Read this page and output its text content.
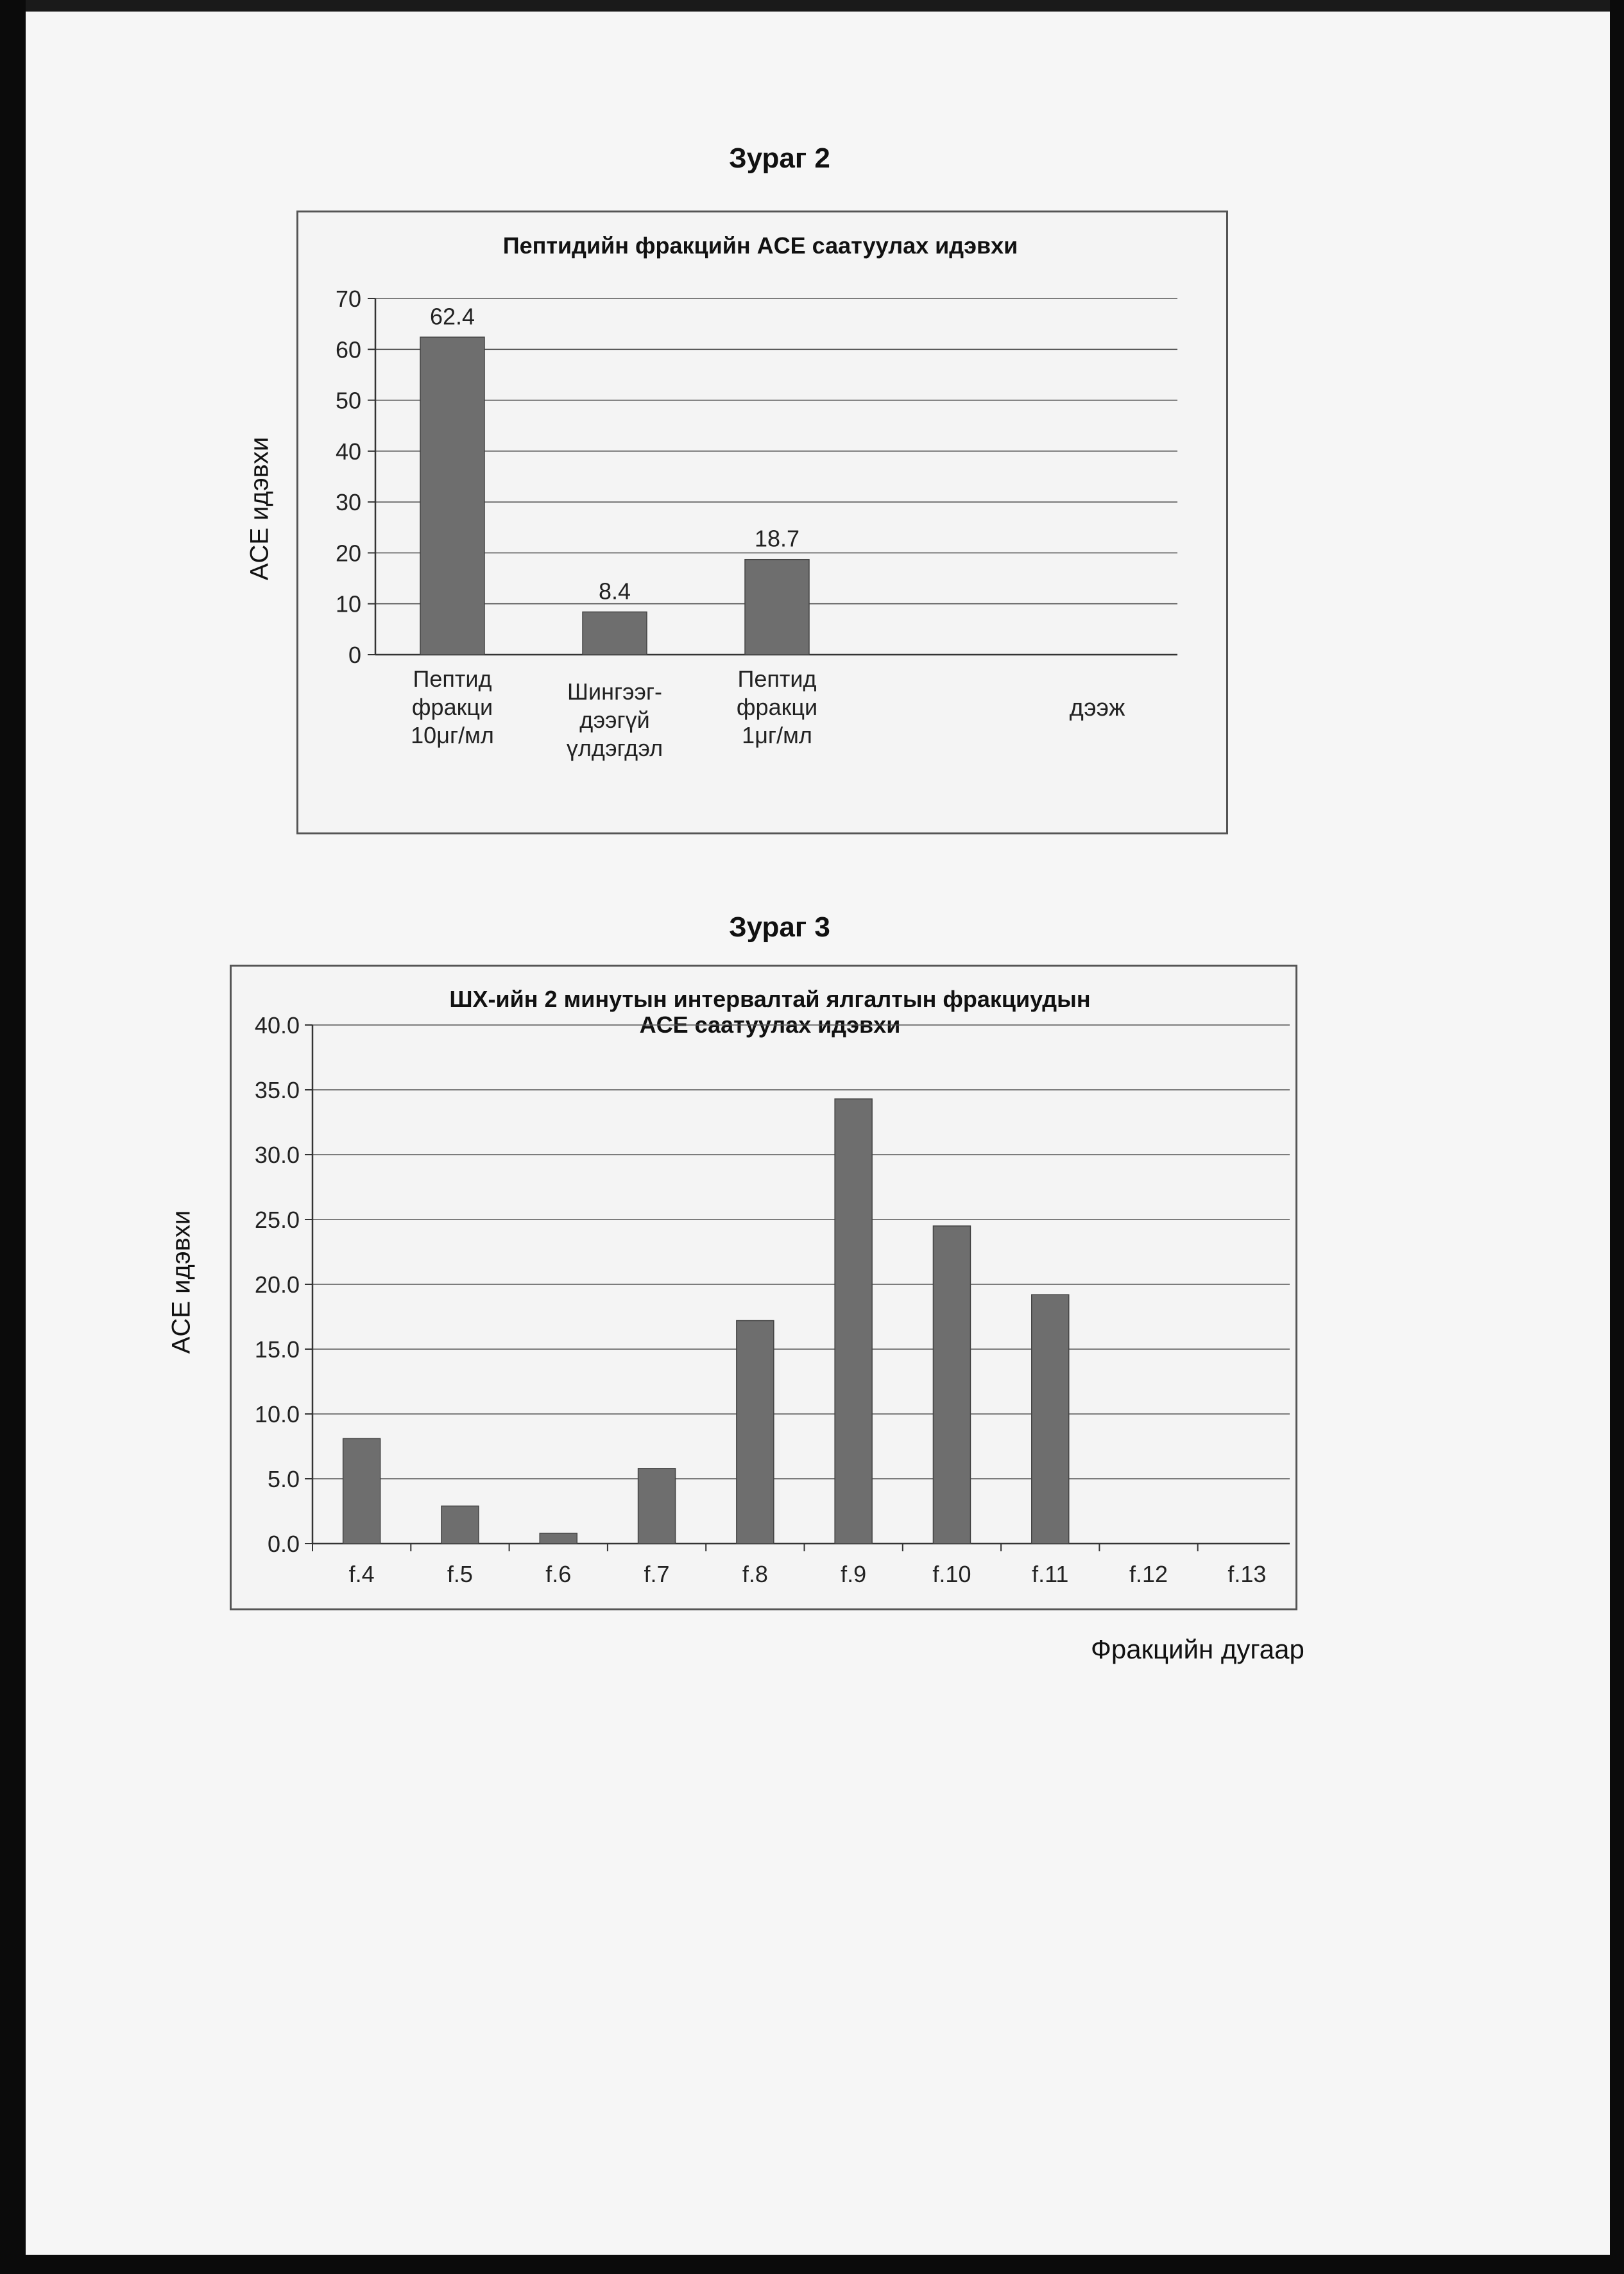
Зураг 2
Пептидийн фракцийн ACE саатуулах идэвхи
ACE идэвхи
70
60
50
40
30
20
10
0
62.4
Пептид
фракци
10μг/мл
8.4
Шингээг-
дээгүй
үлдэгдэл
18.7
Пептид
фракци
1μг/мл
дээж
Зураг 3
ШХ-ийн 2 минутын интервалтай ялгалтын фракциудын
ACE саатуулах идэвхи
ACE идэвхи
40.0
35.0
30.0
25.0
20.0
15.0
10.0
5.0
0.0
f.4	f.5	f.6	f.7	f.8	f.9	f.10	f.11	f.12	f.13
Фракцийн дугаар
